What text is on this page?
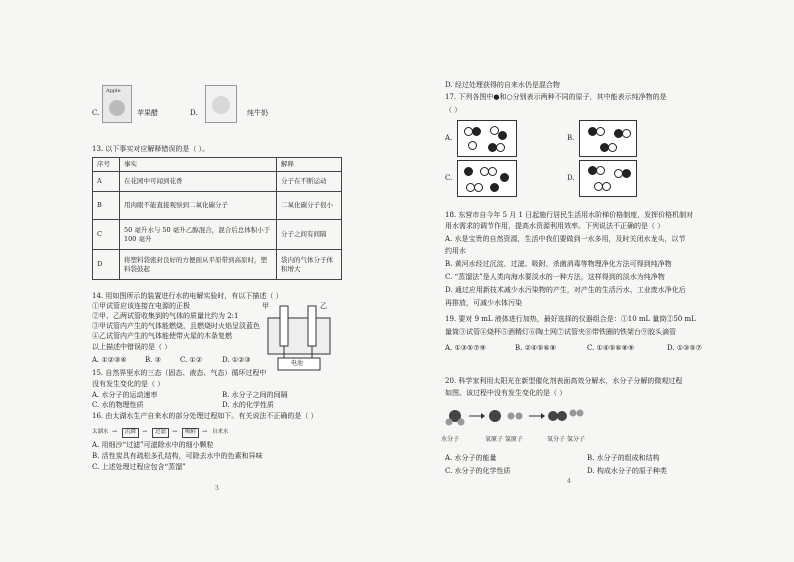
C.
Apple
苹果醋	D.	纯牛奶
13. 以下事实对应解释错误的是（ ）。
序号	事实	解释
A	在花园中可闻到花香	分子在不断运动
B	用肉眼不能直接观察到二氧化碳分子	二氧化碳分子很小
C	50 毫升水与 50 毫升乙醇混合，混合后总体积小于 100 毫升	分子之间有间隔
D	将塑料袋密封良好的方便面从平原带到高原时，塑料袋鼓起	袋内的气体分子体积增大
14. 用如图所示的装置进行水的电解实验时，有以下描述（ ）
①甲试管应该连接在电源的正极
②甲、乙两试管收集到的气体的质量比约为 2:1
③甲试管内产生的气体能燃烧，且燃烧时火焰呈淡蓝色
④乙试管内产生的气体能使带火星的木条复燃
以上描述中错误的是（ ）
A. ①②③④	B. ③	C. ①②	D. ①②③
甲	乙
电池
15. 自然界里水的三态（固态、液态、气态）循环过程中
没有发生变化的是（ ）
A. 水分子的运动速率	B. 水分子之间的间隔
C. 水的物理性质	D. 水的化学性质
16. 由太湖水生产自来水的部分处理过程如下。有关说法不正确的是（ ）
太湖水 →	沉降 →	过滤 →	吸附 → 自来水
A. 用细沙“过滤”可滤除水中的细小颗粒
B. 活性炭具有疏松多孔结构，可除去水中的色素和异味
C. 上述处理过程应包含“蒸馏”
3
D. 经过处理获得的自来水仍是混合物
17. 下列各图中●和○分别表示两种不同的原子，其中能表示纯净物的是
（ ）
A.	B.
C.	D.
18. 东营市自今年 5 月 1 日起施行居民生活用水阶梯价格制度，发挥价格机制对
用水需求的调节作用，提高水资源利用效率。下列说法不正确的是（ ）
A. 水是宝贵的自然资源，生活中我们要做到一水多用，及时关闭水龙头，以节
约用水
B. 黄河水经过沉淀、过滤、吸附、杀菌消毒等物理净化方法可得到纯净物
C. “蒸馏法”是人类向海水要淡水的一种方法，这样得到的淡水为纯净物
D. 通过应用新技术减少水污染物的产生，对产生的生活污水、工业废水净化后
再排放，可减少水体污染
19. 要对 9 mL 液体进行加热，最好选择的仪器组合是：①10 mL 量筒②50 mL
量筒③试管④烧杯⑤酒精灯⑥陶土网⑦试管夹⑧带铁圈的铁架台⑨胶头滴管
A. ①③⑤⑦⑨	B. ②④⑤⑥⑧	C. ①④⑤⑥⑧⑨	D. ①③⑤⑦
20. 科学家利用太阳光在新型催化剂表面高效分解水，水分子分解的微观过程
如图。该过程中没有发生变化的是（ ）
水分子	氧原子 氢原子	氧分子 氢分子
A. 水分子的能量	B. 水分子的组成和结构
C. 水分子的化学性质	D. 构成水分子的原子种类
4
